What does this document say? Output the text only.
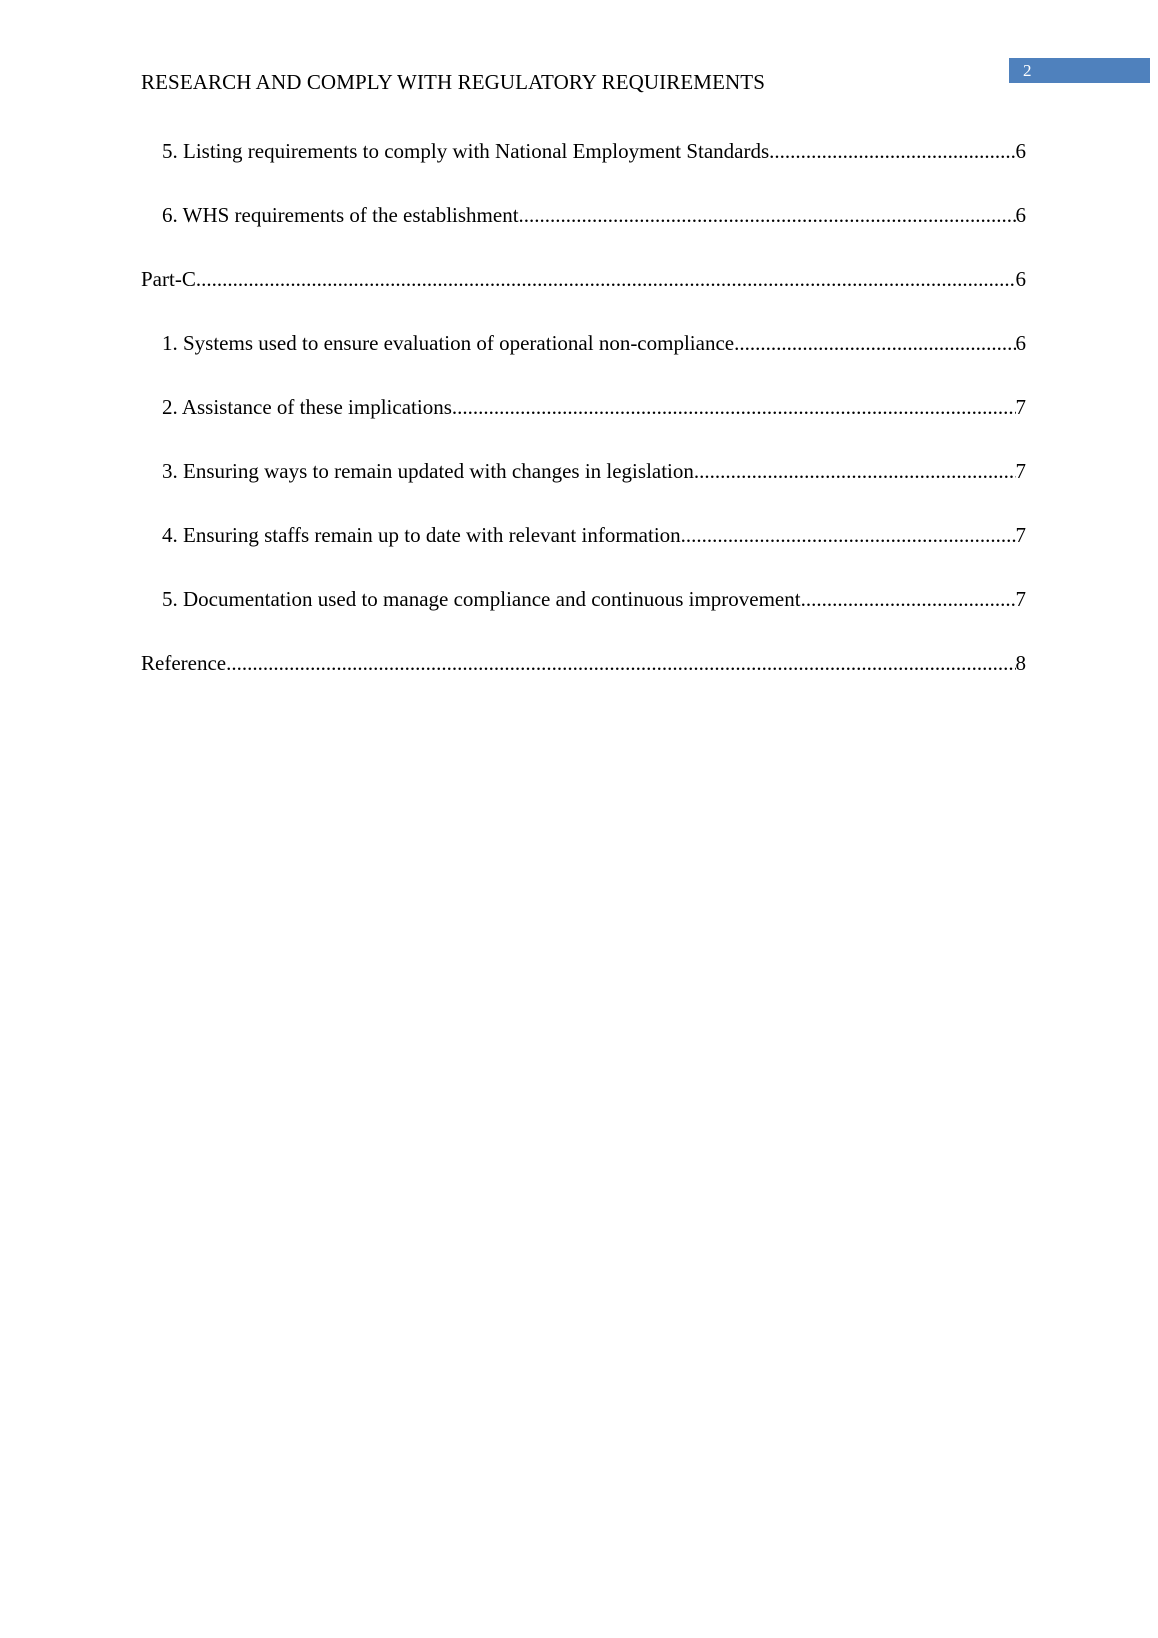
RESEARCH AND COMPLY WITH REGULATORY REQUIREMENTS	2
5. Listing requirements to comply with National Employment Standards .....	6
6. WHS requirements of the establishment .....	6
Part-C .....	6
1. Systems used to ensure evaluation of operational non-compliance .....	6
2. Assistance of these implications .....	7
3. Ensuring ways to remain updated with changes in legislation .....	7
4. Ensuring staffs remain up to date with relevant information .....	7
5. Documentation used to manage compliance and continuous improvement .....	7
Reference .....	8
